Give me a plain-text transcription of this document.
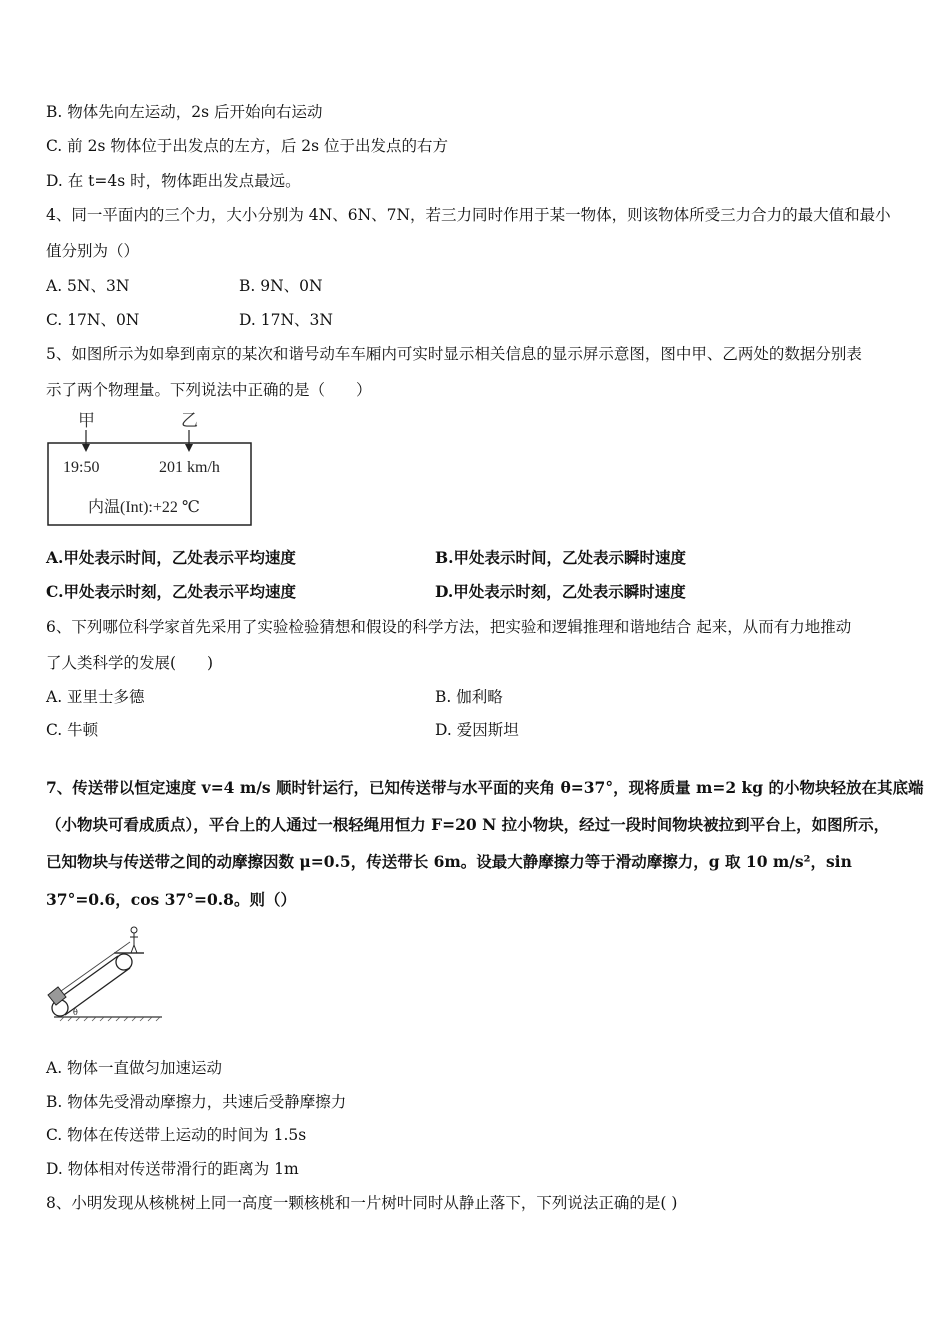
B. 物体先向左运动，2s 后开始向右运动
C. 前 2s 物体位于出发点的左方，后 2s 位于出发点的右方
D. 在 t=4s 时，物体距出发点最远。
4、同一平面内的三个力，大小分别为 4N、6N、7N，若三力同时作用于某一物体，则该物体所受三力合力的最大值和最小
值分别为（）
A. 5N、3N	B. 9N、0N
C. 17N、0N	D. 17N、3N
5、如图所示为如皋到南京的某次和谐号动车车厢内可实时显示相关信息的显示屏示意图，图中甲、乙两处的数据分别表
示了两个物理量。下列说法中正确的是（　　）
甲	乙
19:50	201 km/h
内温(Int):+22 ℃
A.甲处表示时间，乙处表示平均速度	B.甲处表示时间，乙处表示瞬时速度
C.甲处表示时刻，乙处表示平均速度	D.甲处表示时刻，乙处表示瞬时速度
6、下列哪位科学家首先采用了实验检验猜想和假设的科学方法，把实验和逻辑推理和谐地结合 起来，从而有力地推动
了人类科学的发展(　　)
A. 亚里士多德	B. 伽利略
C. 牛顿	D. 爱因斯坦
7、传送带以恒定速度 v=4 m/s 顺时针运行，已知传送带与水平面的夹角 θ=37°，现将质量 m=2 kg 的小物块轻放在其底端
（小物块可看成质点），平台上的人通过一根轻绳用恒力 F=20 N 拉小物块，经过一段时间物块被拉到平台上，如图所示，
已知物块与传送带之间的动摩擦因数 μ=0.5，传送带长 6m。设最大静摩擦力等于滑动摩擦力，g 取 10 m/s²，sin
37°=0.6，cos 37°=0.8。则（）
θ
A. 物体一直做匀加速运动
B. 物体先受滑动摩擦力，共速后受静摩擦力
C. 物体在传送带上运动的时间为 1.5s
D. 物体相对传送带滑行的距离为 1m
8、小明发现从核桃树上同一高度一颗核桃和一片树叶同时从静止落下，下列说法正确的是( )
